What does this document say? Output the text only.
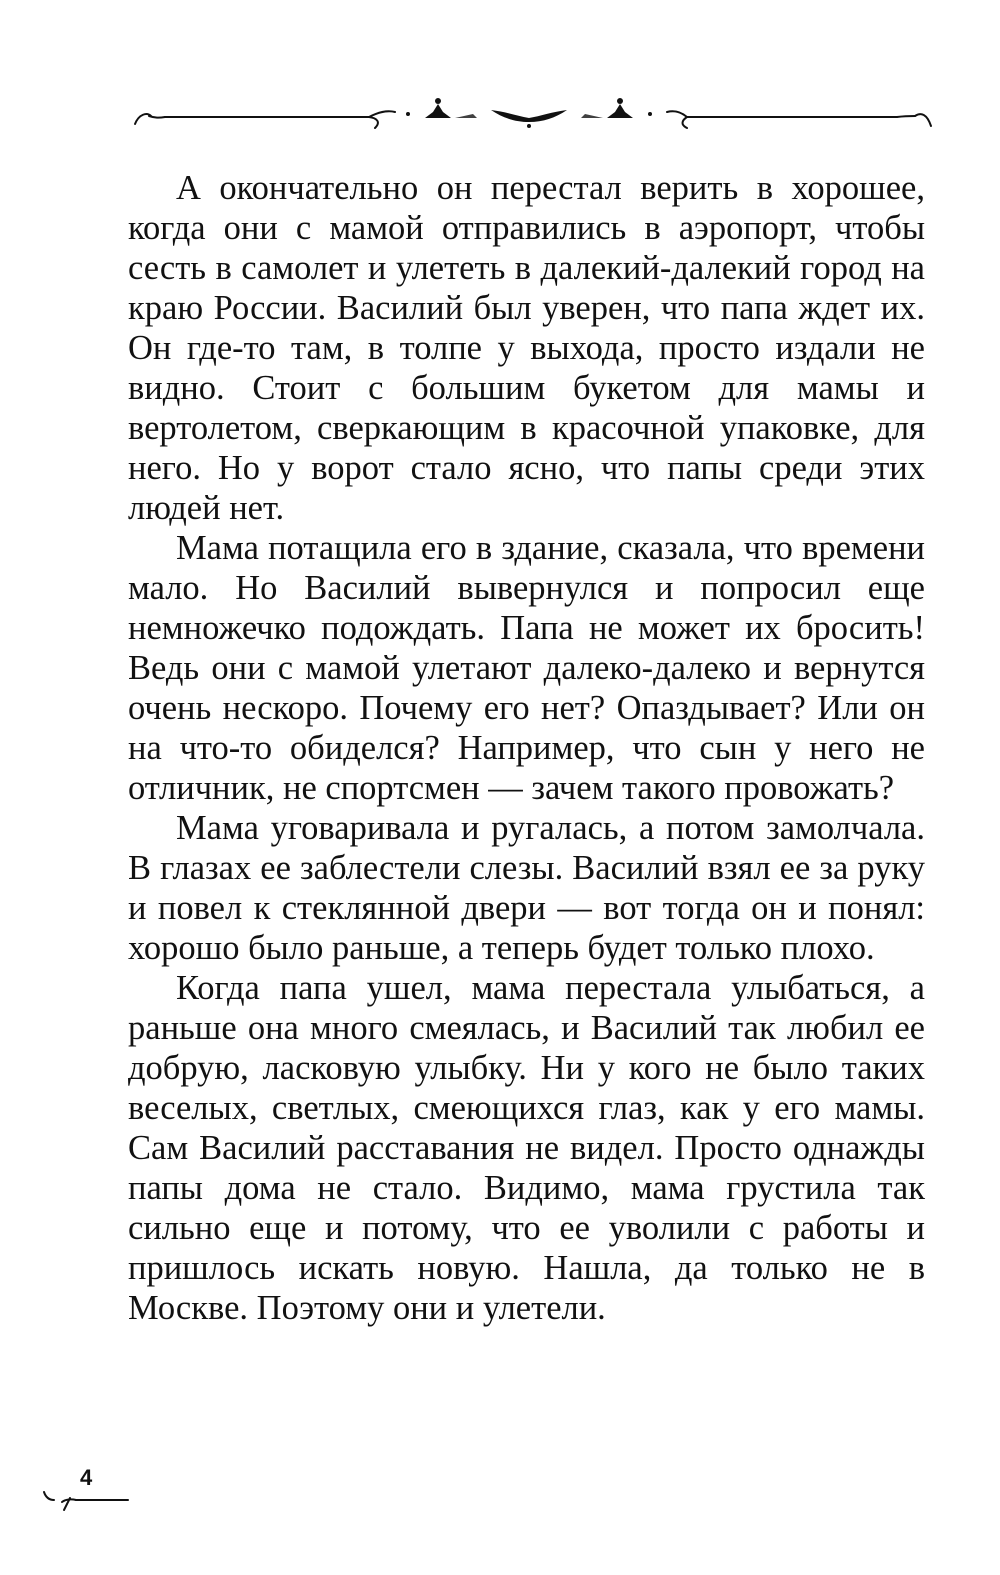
А окончательно он перестал верить в хорошее, когда они с мамой отправились в аэропорт, чтобы сесть в самолет и улететь в далекий-далекий город на краю России. Василий был уверен, что папа ждет их. Он где-то там, в толпе у выхода, просто издали не видно. Стоит с большим букетом для мамы и вертолетом, сверкающим в красочной упаковке, для него. Но у ворот стало ясно, что папы среди этих людей нет.

Мама потащила его в здание, сказала, что времени мало. Но Василий вывернулся и попросил еще немножечко подождать. Папа не может их бросить! Ведь они с мамой улетают далеко-далеко и вернутся очень нескоро. Почему его нет? Опаздывает? Или он на что-то обиделся? Например, что сын у него не отличник, не спортсмен — зачем такого провожать?

Мама уговаривала и ругалась, а потом замолчала. В глазах ее заблестели слезы. Василий взял ее за руку и повел к стеклянной двери — вот тогда он и понял: хорошо было раньше, а теперь будет только плохо.

Когда папа ушел, мама перестала улыбаться, а раньше она много смеялась, и Василий так любил ее добрую, ласковую улыбку. Ни у кого не было таких веселых, светлых, смеющихся глаз, как у его мамы. Сам Василий расставания не видел. Просто однажды папы дома не стало. Видимо, мама грустила так сильно еще и потому, что ее уволили с работы и пришлось искать новую. Нашла, да только не в Москве. Поэтому они и улетели.

4
